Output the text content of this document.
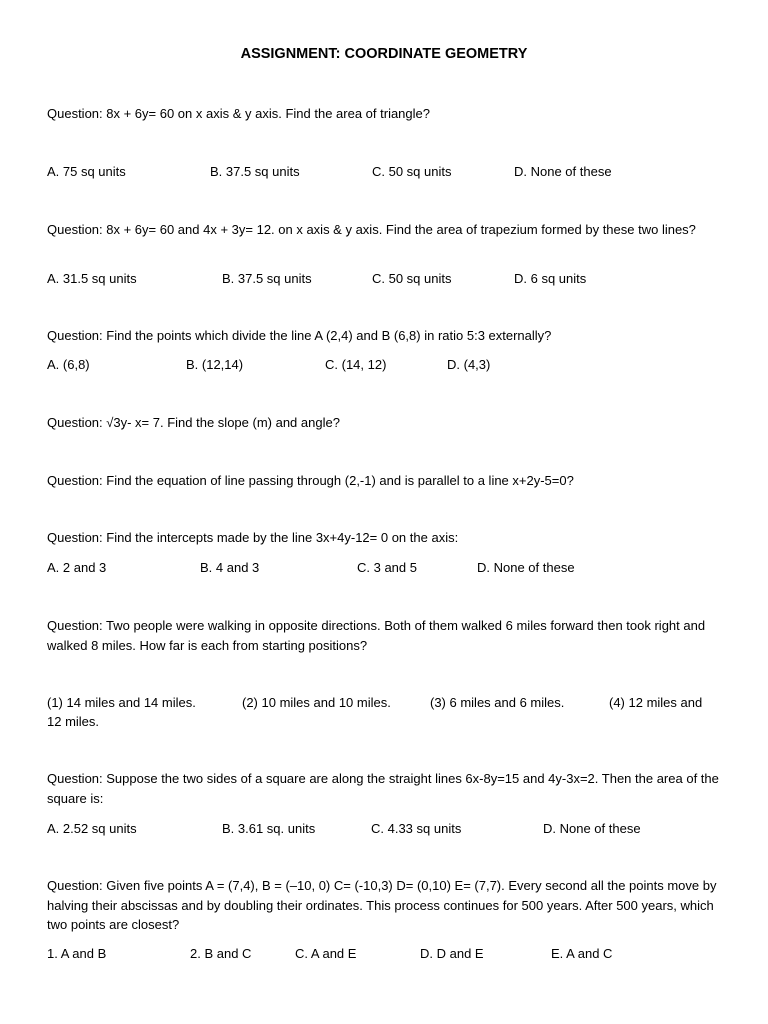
ASSIGNMENT: COORDINATE GEOMETRY
Question: 8x + 6y= 60 on x axis & y axis. Find the area of triangle?
A. 75 sq units	B. 37.5 sq units	C. 50 sq units	D. None of these
Question: 8x + 6y= 60 and 4x + 3y= 12. on x axis & y axis. Find the area of trapezium formed by these two lines?
A. 31.5 sq units	B. 37.5 sq units	C. 50 sq units	D. 6 sq units
Question: Find the points which divide the line A (2,4) and B (6,8) in ratio 5:3 externally?
A. (6,8)	B. (12,14)	C. (14, 12)	D. (4,3)
Question: √3y- x= 7. Find the slope (m) and angle?
Question: Find the equation of line passing through (2,-1) and is parallel to a line x+2y-5=0?
Question: Find the intercepts made by the line 3x+4y-12= 0 on the axis:
A. 2 and 3	B. 4 and 3	C. 3 and 5	D. None of these
Question: Two people were walking in opposite directions. Both of them walked 6 miles forward then took right and walked 8 miles. How far is each from starting positions?
(1) 14 miles and 14 miles.	(2) 10 miles and 10 miles.	(3) 6 miles and 6 miles.	(4) 12 miles and
12 miles.
Question: Suppose the two sides of a square are along the straight lines 6x-8y=15 and 4y-3x=2. Then the area of the square is:
A. 2.52 sq units	B. 3.61 sq. units	C. 4.33 sq units	D. None of these
Question: Given five points A = (7,4), B = (–10, 0) C= (-10,3) D= (0,10) E= (7,7). Every second all the points move by halving their abscissas and by doubling their ordinates. This process continues for 500 years. After 500 years, which two points are closest?
1. A and B	2. B and C	C. A and E	D. D and E	E. A and C
